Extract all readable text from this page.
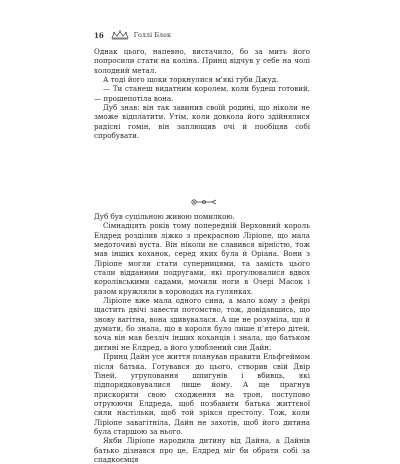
16	Голлі Блек

Однак цього, напевно, вистачило, бо за мить його попросили стати на коліна. Принц відчув у себе на чолі холодний метал.

А тоді його щоки торкнулися м'які губи Джуд.

— Ти станеш видатним королем, коли будеш готовий, — прошепотіла вона.

Дуб знав: він так завинив своїй родині, що ніколи не зможе відплатити. Утім, коли довкола його здійнялися радісні гомін, він заплющив очі й пообіцяв собі спробувати.

Дуб був суцільною живою помилкою.

Сімнадцять років тому попередній Верховний король Елдред розділив ліжко з прекрасною Ліріопе, що мала медоточиві вуста. Він ніколи не славився вірністю, тож мав інших коханок, серед яких була й Оріана. Вони з Ліріопе могли стати суперницями, та замість цього стали відданими подругами, які прогулювалися вдвох королівськими садами, мочили ноги в Озері Масок і разом кружляли в хороводах на гулянках.

Ліріопе вже мала одного сина, а мало кому з фейрі щастить двічі завести потомство, тож, довідавшись, що знову вагітна, вона здивувалася. А ще не розуміла, що й думати, бо знала, що в короля було лише п'ятеро дітей, хоча він мав безліч інших коханців і знала, що батьком дитині не Елдред, а його улюблений син Дайн.

Принц Дайн усе життя планував правити Ельфгеймом після батька. Готувався до цього, створив свій Двір Тіней, угруповання шпигунів і вбивць, які підпорядковувалися лише йому. А ще прагнув прискорити свою сходження на трон, поступово отруюючи Елдреда, щоб позбавити батька життєвої сили настільки, щоб той зрікся престолу. Тож, коли Ліріопе завагітніла, Дайн не захотів, щоб його дитина була старшою за нього.

Якби Ліріопе народила дитину від Дайна, а Дайнів батько дізнався про це, Елдред міг би обрати собі за спадкоємця
